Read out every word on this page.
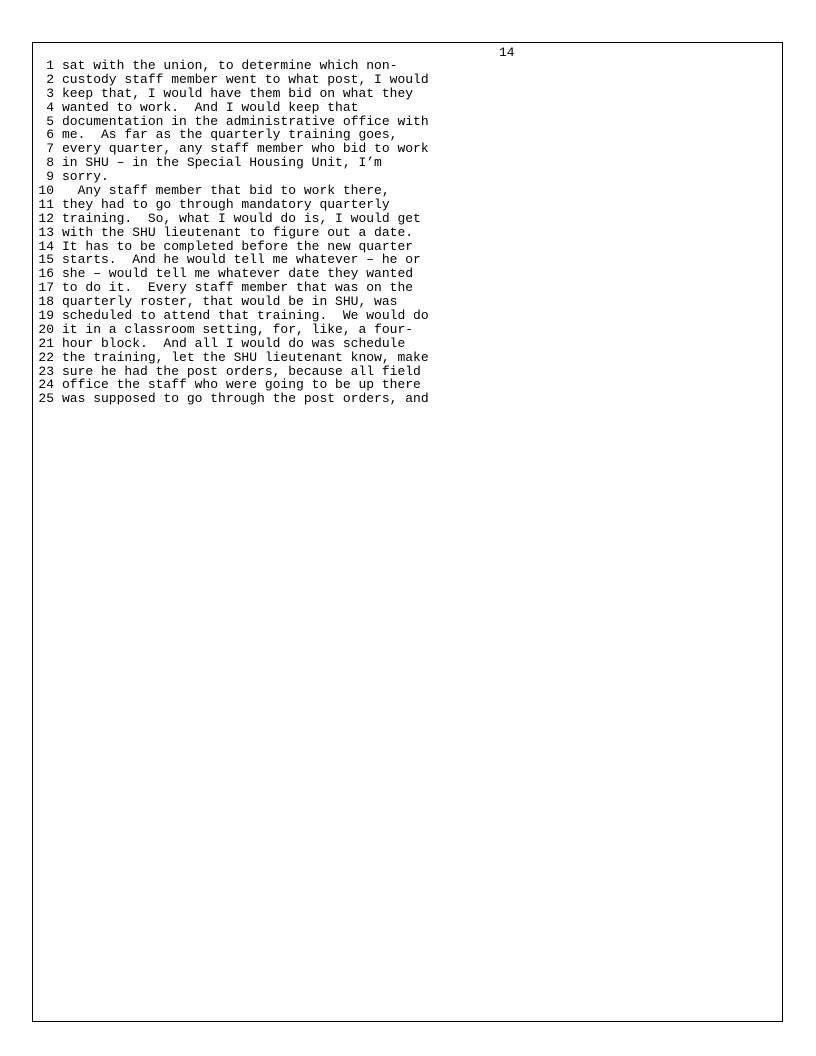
14
1 sat with the union, to determine which non-
2 custody staff member went to what post, I would
3 keep that, I would have them bid on what they
4 wanted to work.  And I would keep that
5 documentation in the administrative office with
6 me.  As far as the quarterly training goes,
7 every quarter, any staff member who bid to work
8 in SHU – in the Special Housing Unit, I’m
9 sorry.
10 Any staff member that bid to work there,
11 they had to go through mandatory quarterly
12 training.  So, what I would do is, I would get
13 with the SHU lieutenant to figure out a date.
14 It has to be completed before the new quarter
15 starts.  And he would tell me whatever – he or
16 she – would tell me whatever date they wanted
17 to do it.  Every staff member that was on the
18 quarterly roster, that would be in SHU, was
19 scheduled to attend that training.  We would do
20 it in a classroom setting, for, like, a four-
21 hour block.  And all I would do was schedule
22 the training, let the SHU lieutenant know, make
23 sure he had the post orders, because all field
24 office the staff who were going to be up there
25 was supposed to go through the post orders, and
